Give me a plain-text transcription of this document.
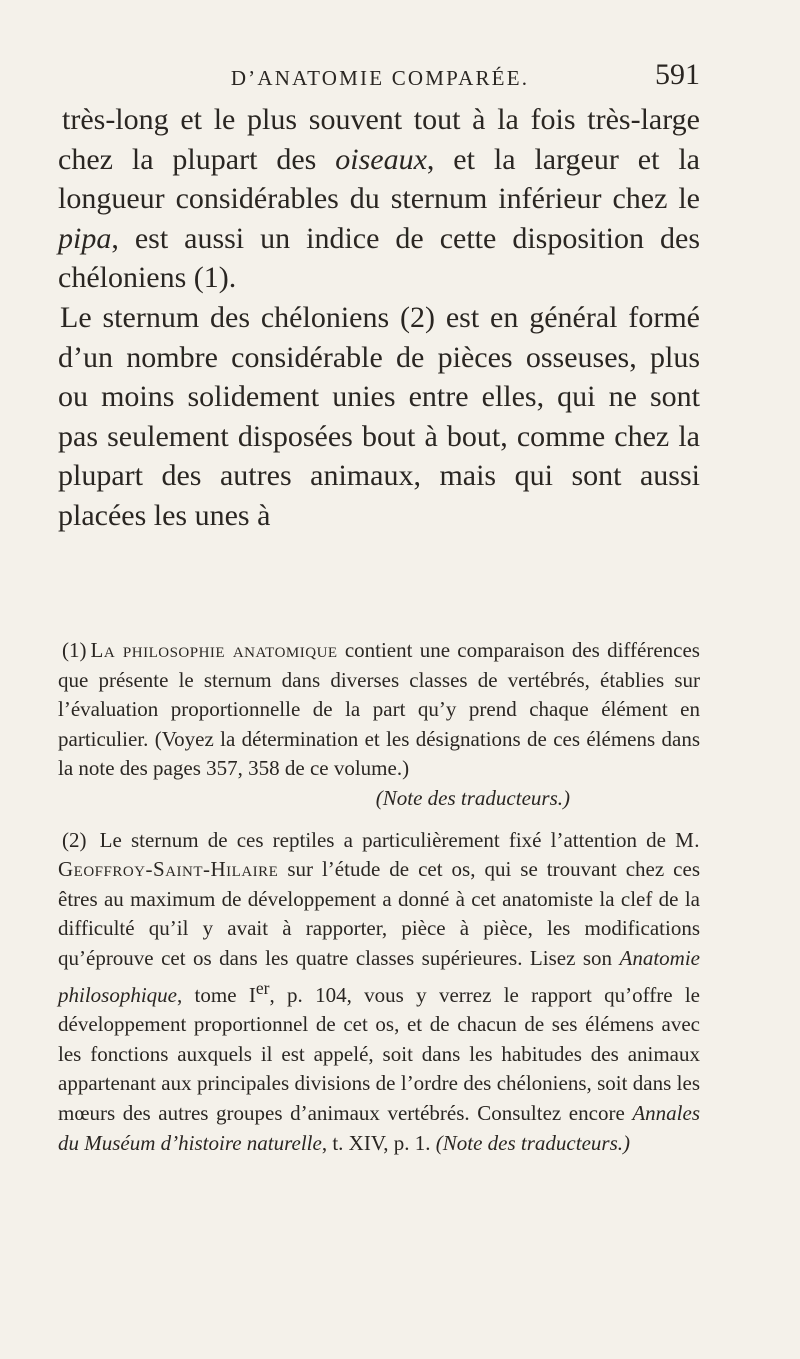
D’ANATOMIE COMPARÉE.	591

très-long et le plus souvent tout à la fois très-large chez la plupart des oiseaux, et la largeur et la longueur considérables du sternum inférieur chez le pipa, est aussi un indice de cette disposition des chéloniens (1).

Le sternum des chéloniens (2) est en général formé d’un nombre considérable de pièces osseuses, plus ou moins solidement unies entre elles, qui ne sont pas seulement disposées bout à bout, comme chez la plupart des autres animaux, mais qui sont aussi placées les unes à

(1) La philosophie anatomique contient une comparaison des différences que présente le sternum dans diverses classes de vertébrés, établies sur l’évaluation proportionnelle de la part qu’y prend chaque élément en particulier. (Voyez la détermination et les désignations de ces élémens dans la note des pages 357, 358 de ce volume.)

(Note des traducteurs.)

(2) Le sternum de ces reptiles a particulièrement fixé l’attention de M. Geoffroy-Saint-Hilaire sur l’étude de cet os, qui se trouvant chez ces êtres au maximum de développement a donné à cet anatomiste la clef de la difficulté qu’il y avait à rapporter, pièce à pièce, les modifications qu’éprouve cet os dans les quatre classes supérieures. Lisez son Anatomie philosophique, tome Ier, p. 104, vous y verrez le rapport qu’offre le développement proportionnel de cet os, et de chacun de ses élémens avec les fonctions auxquels il est appelé, soit dans les habitudes des animaux appartenant aux principales divisions de l’ordre des chéloniens, soit dans les mœurs des autres groupes d’animaux vertébrés. Consultez encore Annales du Muséum d’histoire naturelle, t. XIV, p. 1. (Note des traducteurs.)
